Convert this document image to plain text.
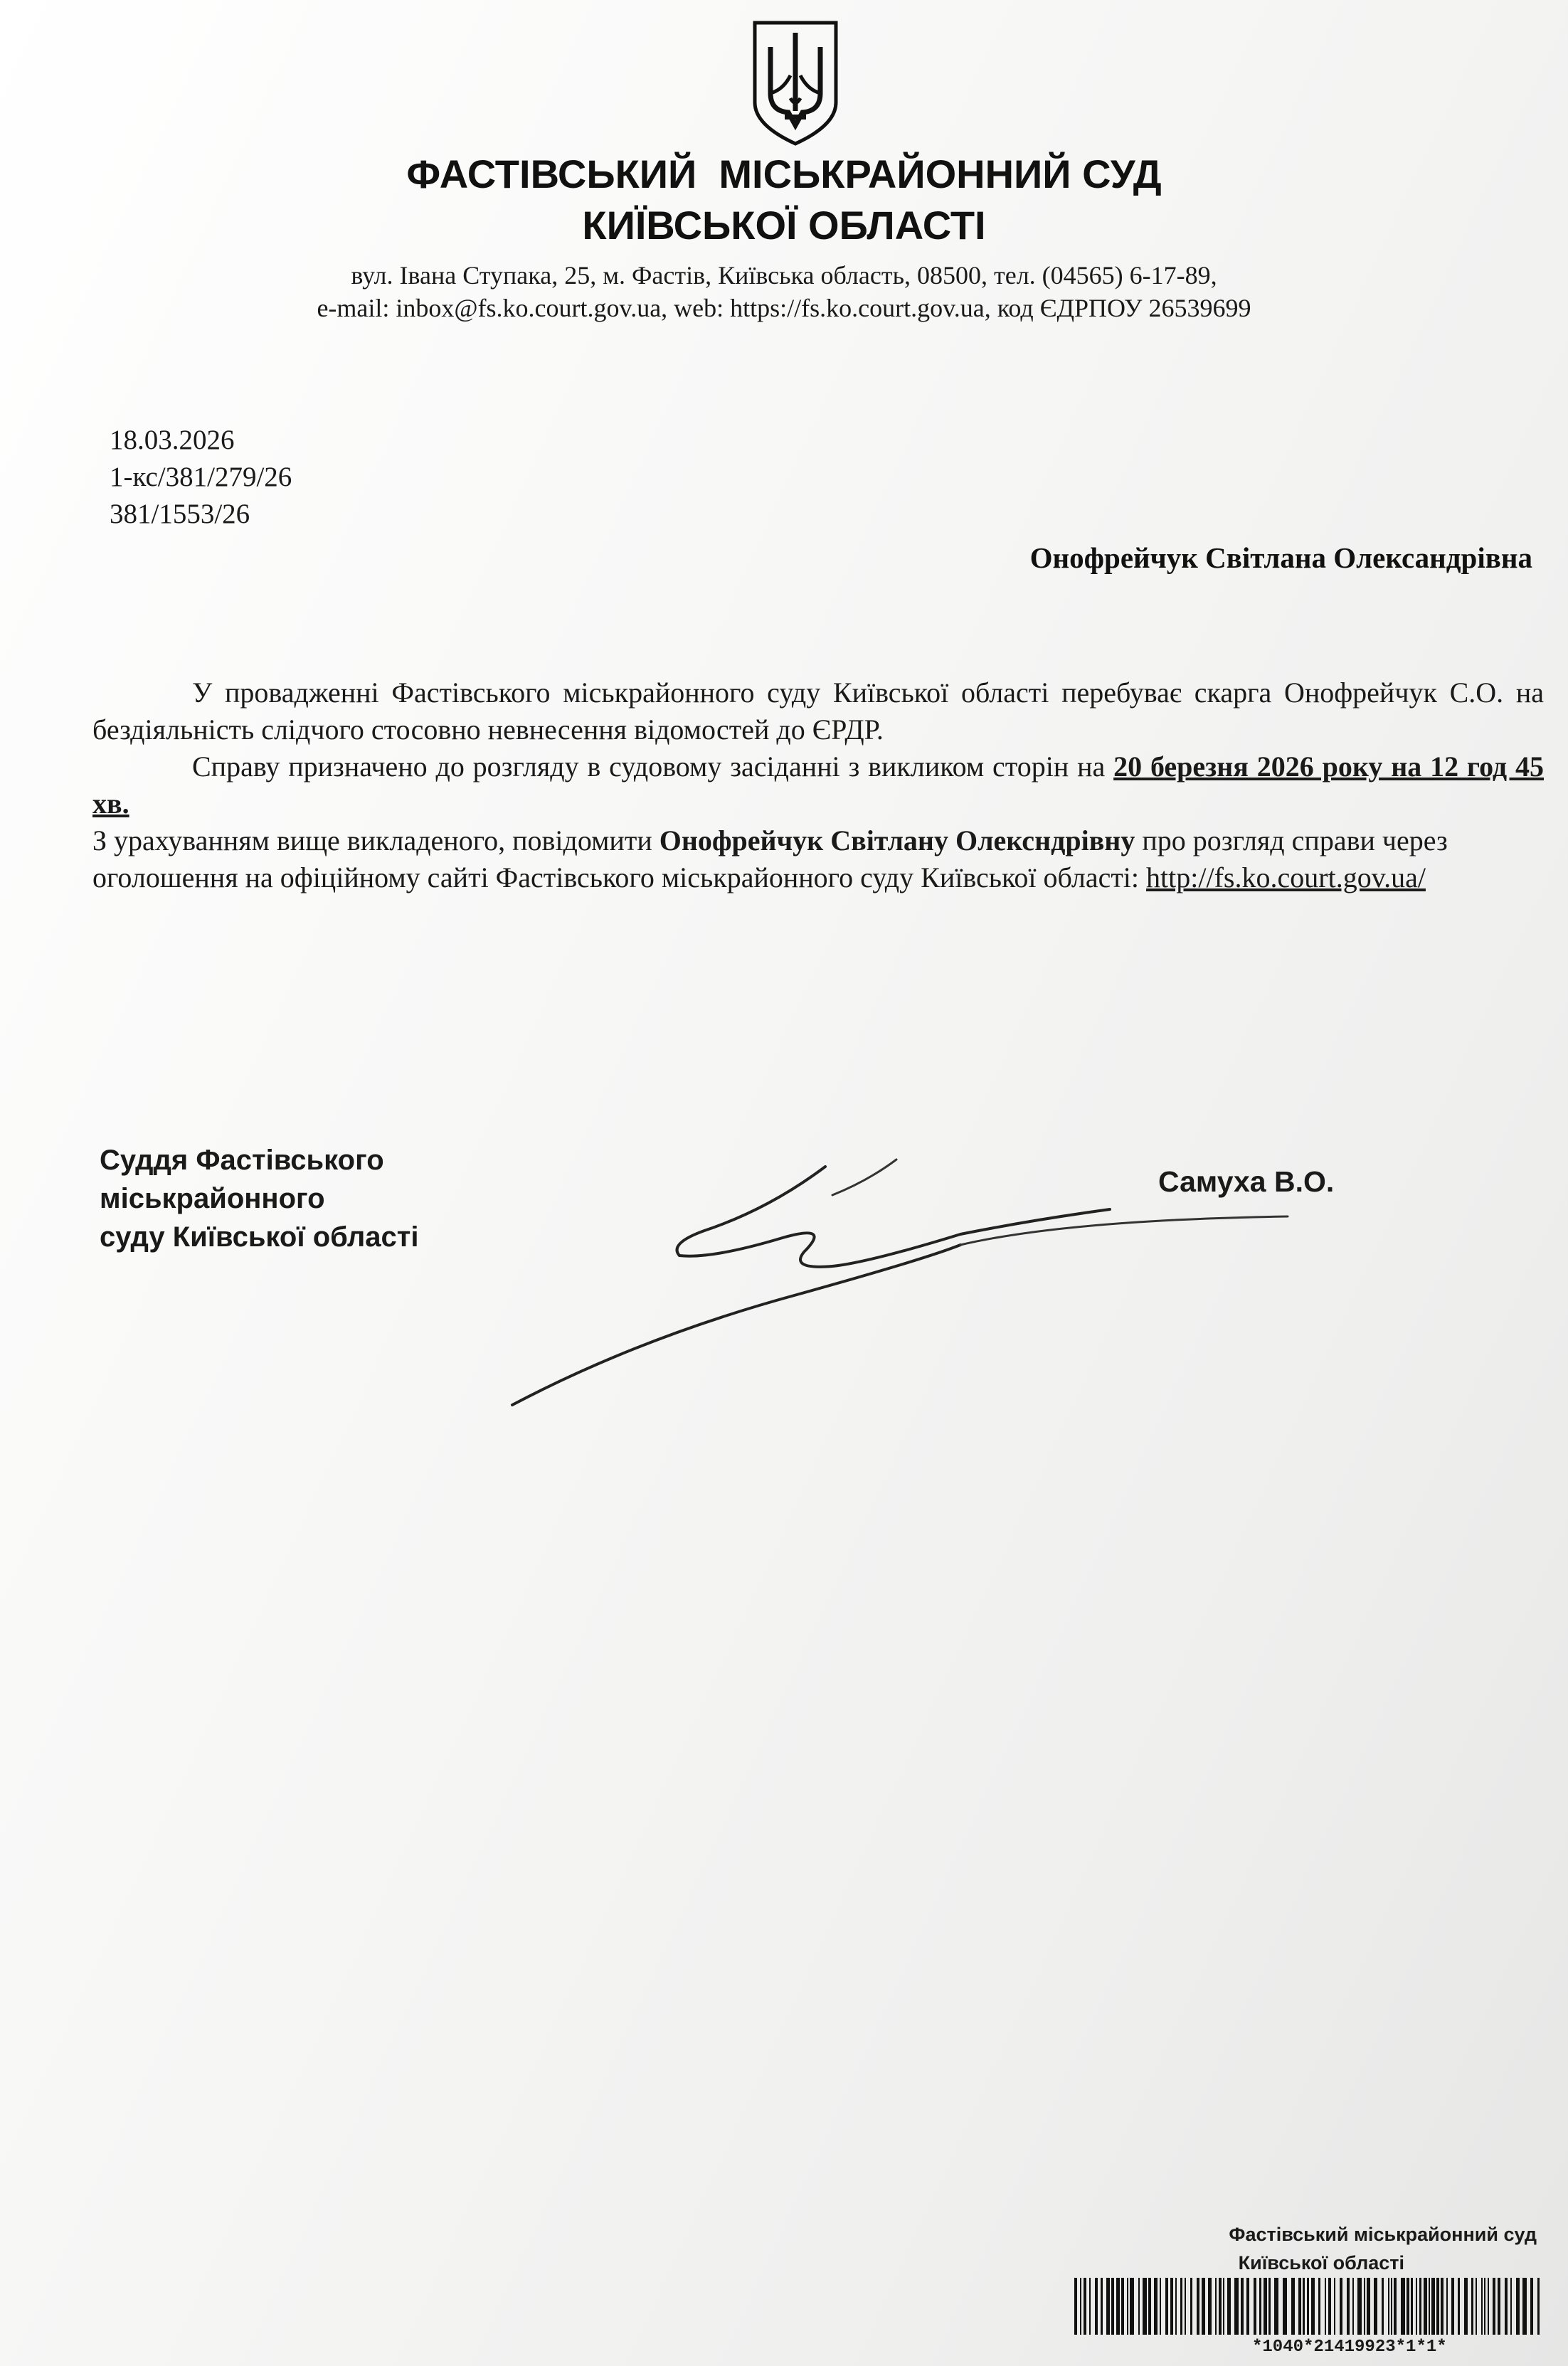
ФАСТІВСЬКИЙ  МІСЬКРАЙОННИЙ СУД
КИЇВСЬКОЇ ОБЛАСТІ
вул. Івана Ступака, 25, м. Фастів, Київська область, 08500, тел. (04565) 6-17-89,
e-mail: inbox@fs.ko.court.gov.ua, web: https://fs.ko.court.gov.ua, код ЄДРПОУ 26539699
18.03.2026
1-кс/381/279/26
381/1553/26
Онофрейчук Світлана Олександрівна

У провадженні Фастівського міськрайонного суду Київської області перебуває скарга Онофрейчук С.О. на бездіяльність слідчого стосовно невнесення відомостей до ЄРДР.

Справу призначено до розгляду в судовому засіданні з викликом сторін на 20 березня 2026 року на 12 год 45 хв.

З урахуванням вище викладеного, повідомити Онофрейчук Світлану Олексндрівну про розгляд справи через оголошення на офіційному сайті Фастівського міськрайонного суду Київської області: http://fs.ko.court.gov.ua/

Суддя Фастівського
міськрайонного
суду Київської області
Самуха В.О.
Фастівський міськрайонний суд
Київської області
*1040*21419923*1*1*
